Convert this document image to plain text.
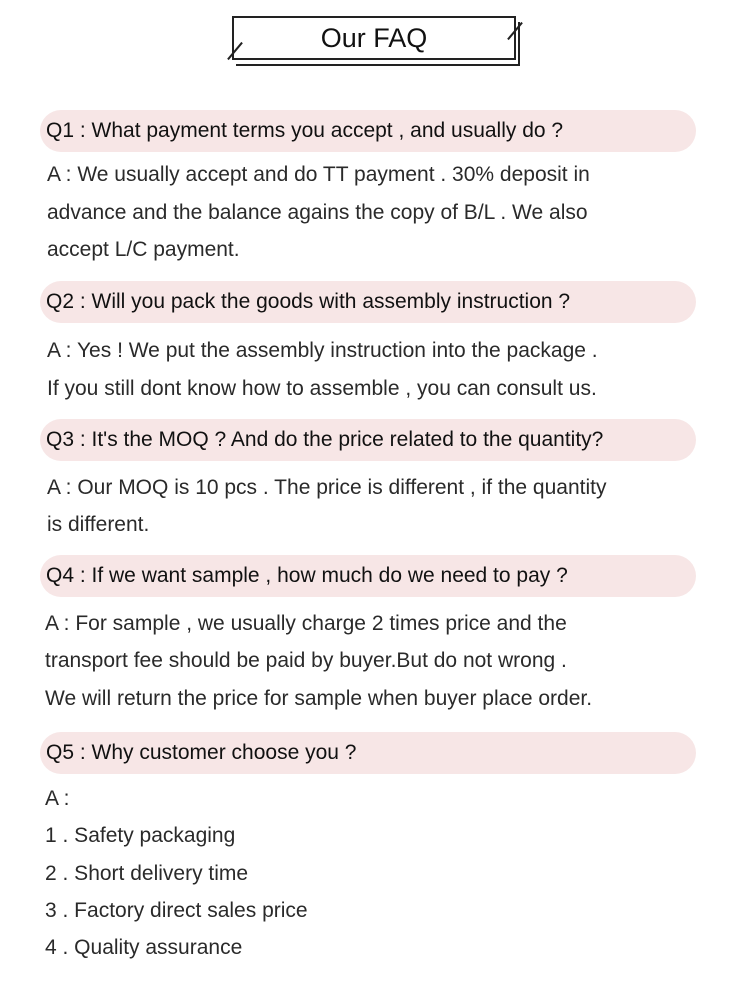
Our FAQ
Q1 : What payment terms you accept , and usually do ?
A : We usually accept and do TT payment . 30% deposit in
advance and the balance agains the copy of B/L . We also
accept L/C payment.
Q2 : Will you pack the goods with assembly instruction ?
A : Yes ! We put the assembly instruction into the package .
If you still dont know how to assemble , you can consult us.
Q3 : It's the MOQ ? And do the price related to the quantity?
A : Our MOQ is 10 pcs . The price is different , if the quantity
is different.
Q4 : If we want sample , how much do we need to pay ?
A : For sample , we usually charge 2 times price and the
transport fee should be paid by buyer.But do not wrong .
We will return the price for sample when buyer place order.
Q5 : Why customer choose you ?
A :
1 . Safety packaging
2 . Short delivery time
3 . Factory direct sales price
4 . Quality assurance
